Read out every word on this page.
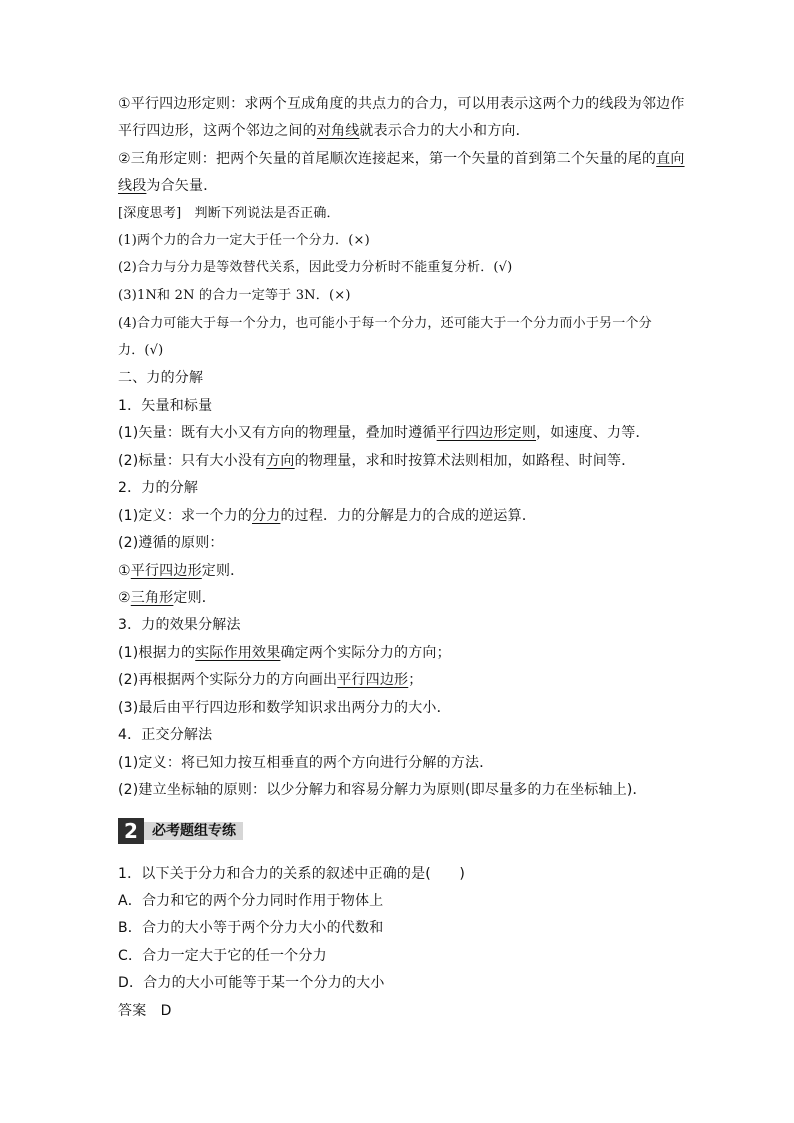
①平行四边形定则：求两个互成角度的共点力的合力，可以用表示这两个力的线段为邻边作
平行四边形，这两个邻边之间的对角线就表示合力的大小和方向．
②三角形定则：把两个矢量的首尾顺次连接起来，第一个矢量的首到第二个矢量的尾的直向
线段为合矢量．
[深度思考]　判断下列说法是否正确．
(1)两个力的合力一定大于任一个分力．(×)
(2)合力与分力是等效替代关系，因此受力分析时不能重复分析．(√)
(3)1N和 2N 的合力一定等于 3N．(×)
(4)合力可能大于每一个分力，也可能小于每一个分力，还可能大于一个分力而小于另一个分
力．(√)
二、力的分解
1．矢量和标量
(1)矢量：既有大小又有方向的物理量，叠加时遵循平行四边形定则，如速度、力等．
(2)标量：只有大小没有方向的物理量，求和时按算术法则相加，如路程、时间等．
2．力的分解
(1)定义：求一个力的分力的过程．力的分解是力的合成的逆运算．
(2)遵循的原则：
①平行四边形定则．
②三角形定则．
3．力的效果分解法
(1)根据力的实际作用效果确定两个实际分力的方向；
(2)再根据两个实际分力的方向画出平行四边形；
(3)最后由平行四边形和数学知识求出两分力的大小．
4．正交分解法
(1)定义：将已知力按互相垂直的两个方向进行分解的方法．
(2)建立坐标轴的原则：以少分解力和容易分解力为原则(即尽量多的力在坐标轴上)．
2	必考题组专练
1．以下关于分力和合力的关系的叙述中正确的是(　　)
A．合力和它的两个分力同时作用于物体上
B．合力的大小等于两个分力大小的代数和
C．合力一定大于它的任一个分力
D．合力的大小可能等于某一个分力的大小
答案　D
